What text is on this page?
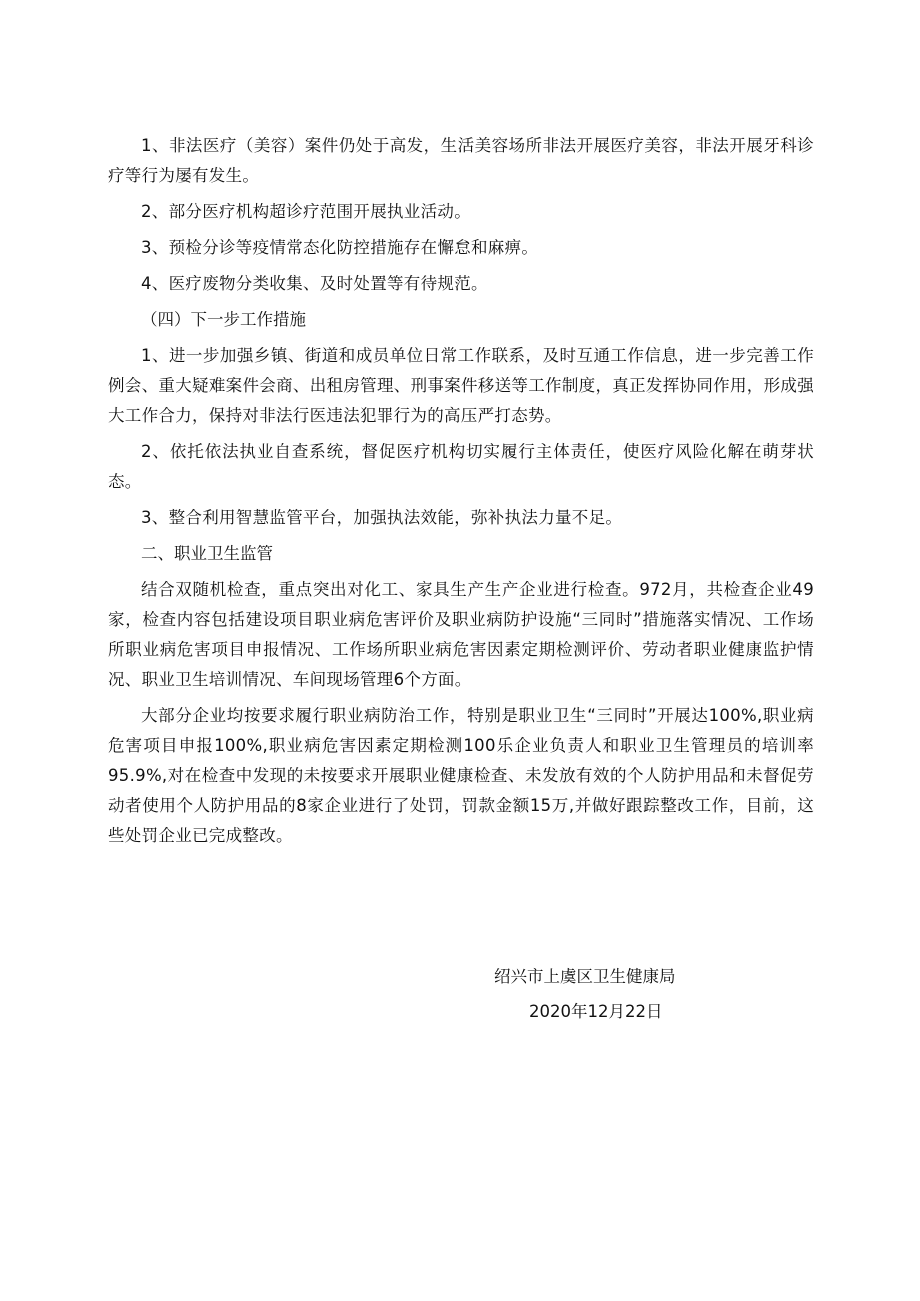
1、非法医疗（美容）案件仍处于高发，生活美容场所非法开展医疗美容，非法开展牙科诊疗等行为屡有发生。

2、部分医疗机构超诊疗范围开展执业活动。

3、预检分诊等疫情常态化防控措施存在懈怠和麻痹。

4、医疗废物分类收集、及时处置等有待规范。

（四）下一步工作措施

1、进一步加强乡镇、街道和成员单位日常工作联系，及时互通工作信息，进一步完善工作例会、重大疑难案件会商、出租房管理、刑事案件移送等工作制度，真正发挥协同作用，形成强大工作合力，保持对非法行医违法犯罪行为的高压严打态势。

2、依托依法执业自查系统，督促医疗机构切实履行主体责任，使医疗风险化解在萌芽状态。

3、整合利用智慧监管平台，加强执法效能，弥补执法力量不足。

二、职业卫生监管

结合双随机检查，重点突出对化工、家具生产生产企业进行检查。972月，共检查企业49家，检查内容包括建设项目职业病危害评价及职业病防护设施“三同时”措施落实情况、工作场所职业病危害项目申报情况、工作场所职业病危害因素定期检测评价、劳动者职业健康监护情况、职业卫生培训情况、车间现场管理6个方面。

大部分企业均按要求履行职业病防治工作，特别是职业卫生“三同时”开展达100%,职业病危害项目申报100%,职业病危害因素定期检测100乐企业负责人和职业卫生管理员的培训率95.9%,对在检查中发现的未按要求开展职业健康检查、未发放有效的个人防护用品和未督促劳动者使用个人防护用品的8家企业进行了处罚，罚款金额15万,并做好跟踪整改工作，目前，这些处罚企业已完成整改。

绍兴市上虞区卫生健康局
2020年12月22日
